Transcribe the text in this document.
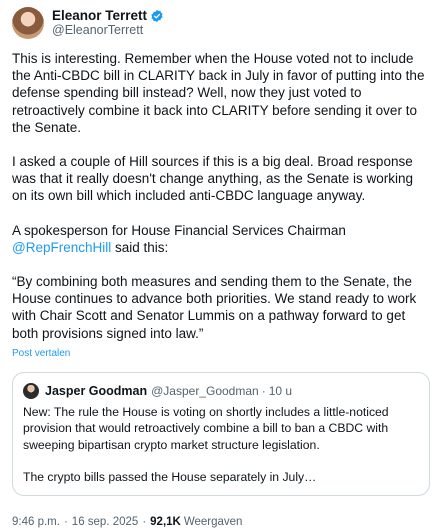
Eleanor Terrett
@EleanorTerrett

This is interesting. Remember when the House voted not to include the Anti-CBDC bill in CLARITY back in July in favor of putting into the defense spending bill instead? Well, now they just voted to retroactively combine it back into CLARITY before sending it over to the Senate.

I asked a couple of Hill sources if this is a big deal. Broad response was that it really doesn't change anything, as the Senate is working on its own bill which included anti-CBDC language anyway.

A spokesperson for House Financial Services Chairman @RepFrenchHill said this:

“By combining both measures and sending them to the Senate, the House continues to advance both priorities. We stand ready to work with Chair Scott and Senator Lummis on a pathway forward to get both provisions signed into law.”

Post vertalen
Jasper Goodman @Jasper_Goodman · 10 u

New: The rule the House is voting on shortly includes a little-noticed provision that would retroactively combine a bill to ban a CBDC with sweeping bipartisan crypto market structure legislation.

The crypto bills passed the House separately in July…

9:46 p.m. · 16 sep. 2025 · 92,1K Weergaven
